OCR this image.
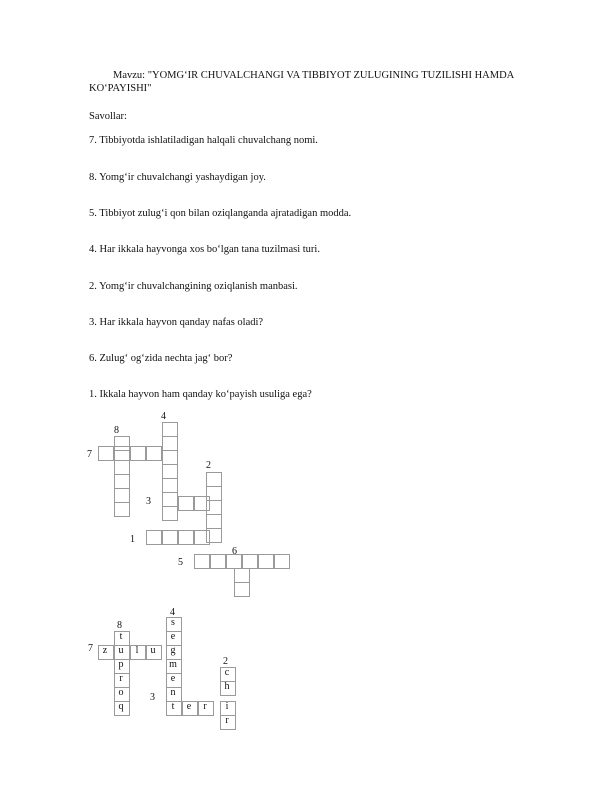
Mavzu: "YOMG‘IR CHUVALCHANGI VA TIBBIYOT ZULUGINING TUZILISHI HAMDA KO‘PAYISHI"
Savollar:
7. Tibbiyotda ishlatiladigan halqali chuvalchang nomi.
8. Yomg‘ir chuvalchangi yashaydigan joy.
5. Tibbiyot zulug‘i qon bilan oziqlanganda ajratadigan modda.
4. Har ikkala hayvonga xos bo‘lgan tana tuzilmasi turi.
2. Yomg‘ir chuvalchangining oziqlanish manbasi.
3. Har ikkala hayvon qanday nafas oladi?
6. Zulug‘ og‘zida nechta jag‘ bor?
1. Ikkala hayvon ham qanday ko‘payish usuliga ega?
4
8
7
2
3
1
6
5
4
8
7
2
3
z	u	l	u	g
t
p
r
o
q
s
e
m
e
n
t	e	r
c
h
i
r
